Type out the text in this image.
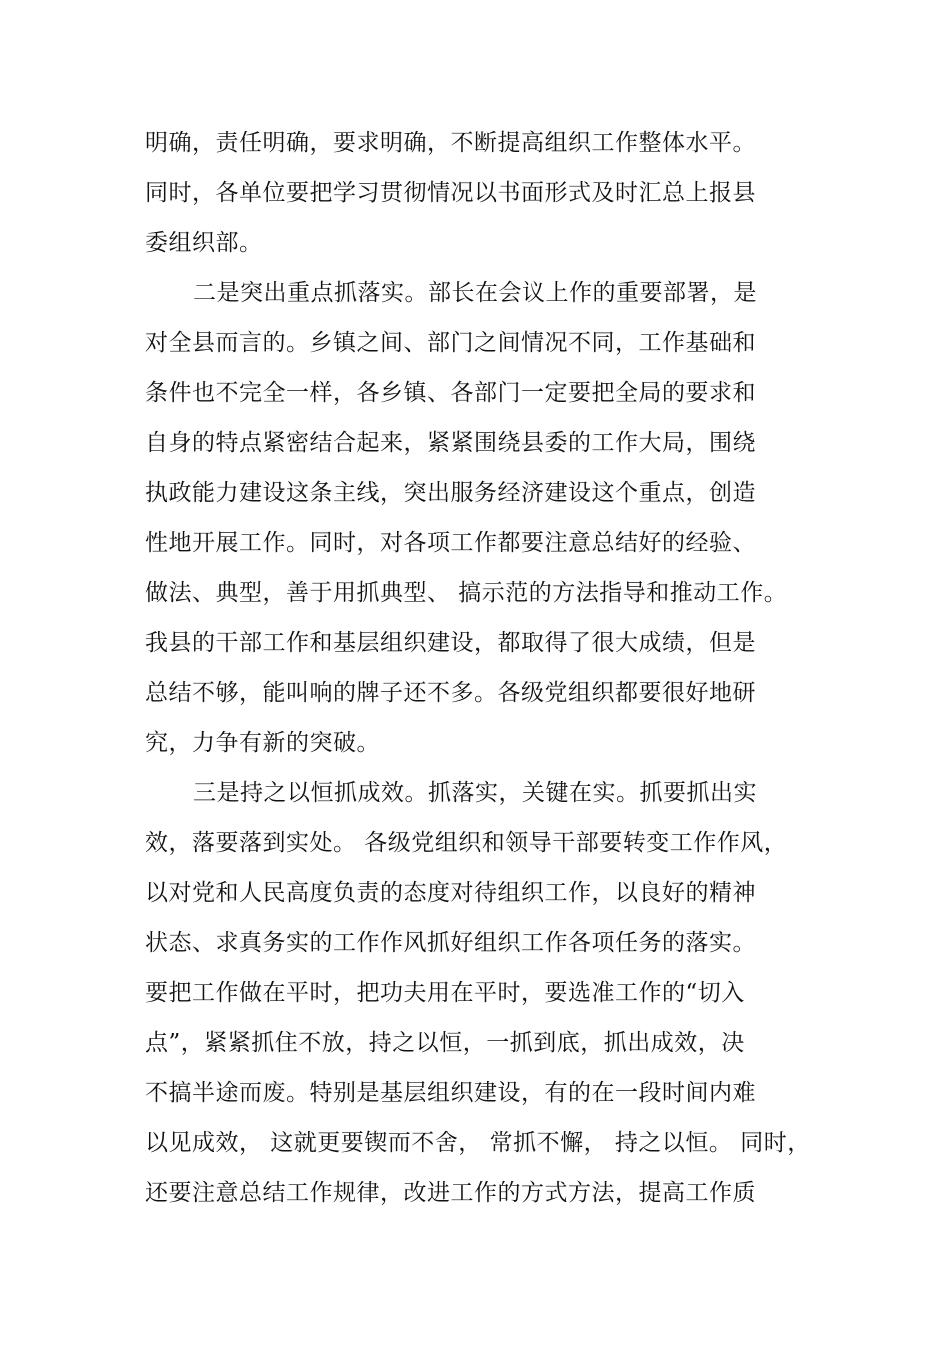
明确，责任明确，要求明确，不断提高组织工作整体水平。
同时，各单位要把学习贯彻情况以书面形式及时汇总上报县
委组织部。
二是突出重点抓落实。部长在会议上作的重要部署，是
对全县而言的。乡镇之间、部门之间情况不同，工作基础和
条件也不完全一样，各乡镇、各部门一定要把全局的要求和
自身的特点紧密结合起来，紧紧围绕县委的工作大局，围绕
执政能力建设这条主线，突出服务经济建设这个重点，创造
性地开展工作。同时，对各项工作都要注意总结好的经验、
做法、典型，善于用抓典型、 搞示范的方法指导和推动工作。
我县的干部工作和基层组织建设，都取得了很大成绩，但是
总结不够，能叫响的牌子还不多。各级党组织都要很好地研
究，力争有新的突破。
三是持之以恒抓成效。抓落实，关键在实。抓要抓出实
效，落要落到实处。 各级党组织和领导干部要转变工作作风，
以对党和人民高度负责的态度对待组织工作，以良好的精神
状态、求真务实的工作作风抓好组织工作各项任务的落实。
要把工作做在平时，把功夫用在平时，要选准工作的“切入
点”，紧紧抓住不放，持之以恒，一抓到底，抓出成效，决
不搞半途而废。特别是基层组织建设，有的在一段时间内难
以见成效， 这就更要锲而不舍， 常抓不懈， 持之以恒。 同时，
还要注意总结工作规律，改进工作的方式方法，提高工作质
